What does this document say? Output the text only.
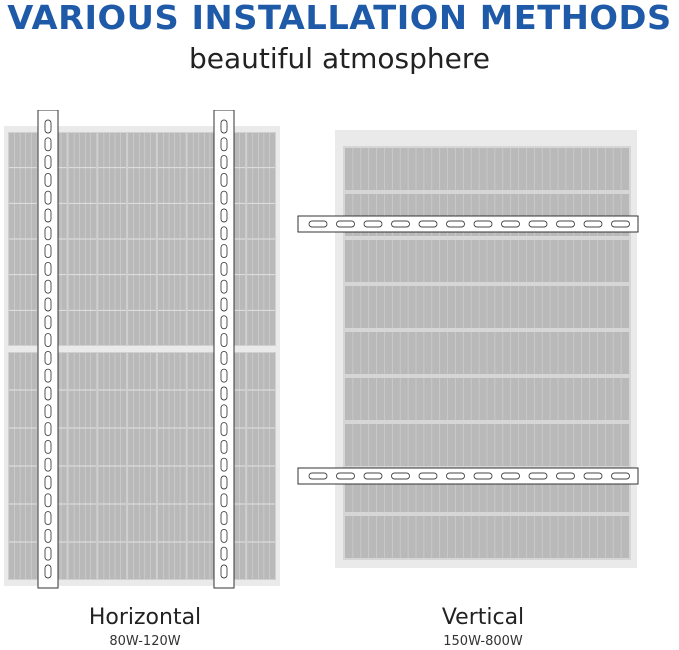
VARIOUS INSTALLATION METHODS
beautiful atmosphere
Horizontal
80W-120W
Vertical
150W-800W
